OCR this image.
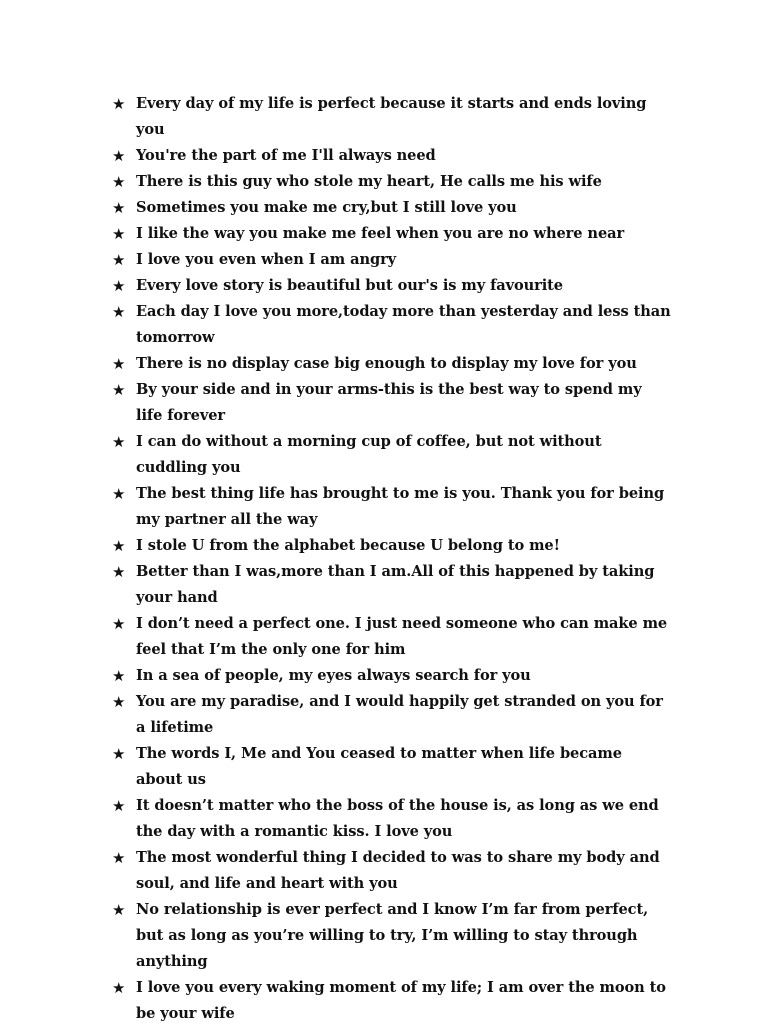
★ Every day of my life is perfect because it starts and ends loving you
★ You're the part of me I'll always need
★ There is this guy who stole my heart, He calls me his wife
★ Sometimes you make me cry,but I still love you
★ I like the way you make me feel when you are no where near
★ I love you even when I am angry
★ Every love story is beautiful but our's is my favourite
★ Each day I love you more,today more than yesterday and less than tomorrow
★ There is no display case big enough to display my love for you
★ By your side and in your arms-this is the best way to spend my life forever
★ I can do without a morning cup of coffee, but not without cuddling you
★ The best thing life has brought to me is you. Thank you for being my partner all the way
★ I stole U from the alphabet because U belong to me!
★ Better than I was,more than I am.All of this happened by taking your hand
★ I don’t need a perfect one. I just need someone who can make me feel that I’m the only one for him
★ In a sea of people, my eyes always search for you
★ You are my paradise, and I would happily get stranded on you for a lifetime
★ The words I, Me and You ceased to matter when life became about us
★ It doesn’t matter who the boss of the house is, as long as we end the day with a romantic kiss. I love you
★ The most wonderful thing I decided to was to share my body and soul, and life and heart with you
★ No relationship is ever perfect and I know I’m far from perfect, but as long as you’re willing to try, I’m willing to stay through anything
★ I love you every waking moment of my life; I am over the moon to be your wife
